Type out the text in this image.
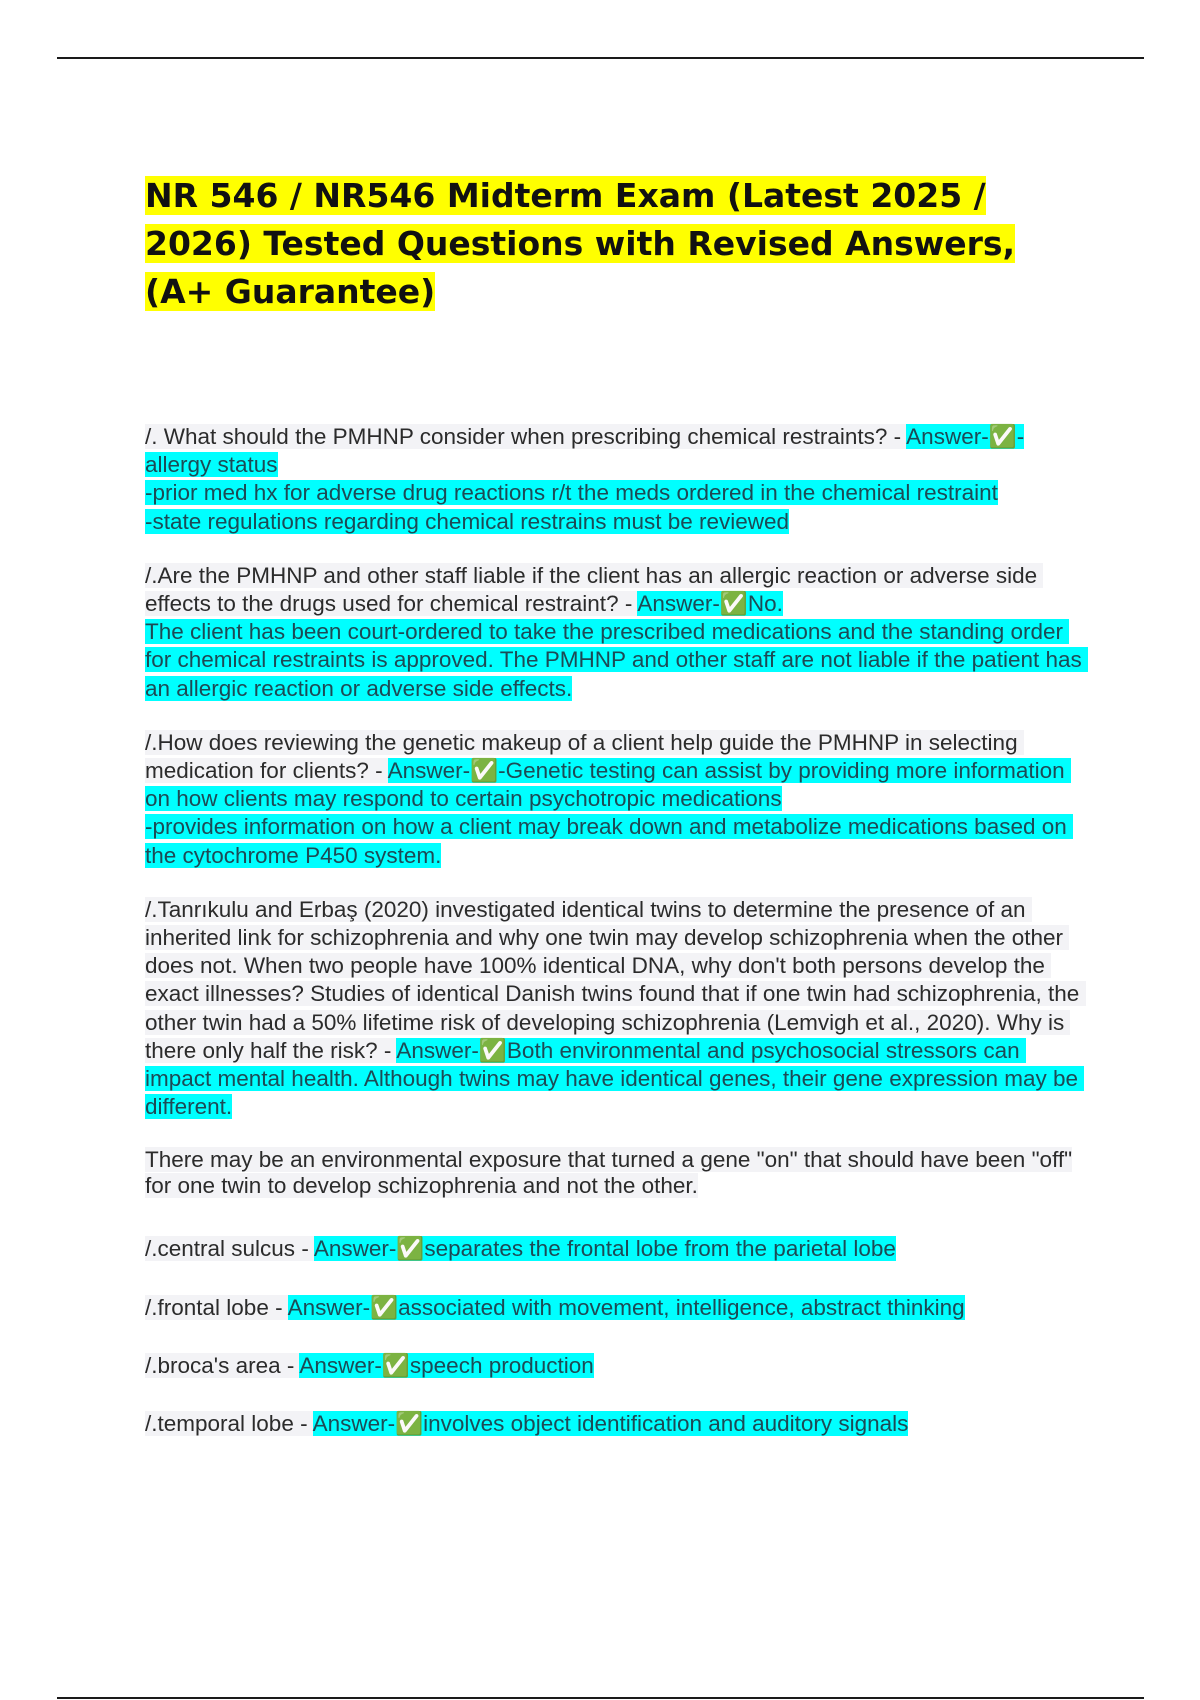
NR 546 / NR546 Midterm Exam (Latest 2025 / 2026) Tested Questions with Revised Answers, (A+ Guarantee)

/. What should the PMHNP consider when prescribing chemical restraints? - Answer-✅-allergy status
-prior med hx for adverse drug reactions r/t the meds ordered in the chemical restraint
-state regulations regarding chemical restrains must be reviewed

/.Are the PMHNP and other staff liable if the client has an allergic reaction or adverse side effects to the drugs used for chemical restraint? - Answer-✅No.
The client has been court-ordered to take the prescribed medications and the standing order for chemical restraints is approved. The PMHNP and other staff are not liable if the patient has an allergic reaction or adverse side effects.

/.How does reviewing the genetic makeup of a client help guide the PMHNP in selecting medication for clients? - Answer-✅-Genetic testing can assist by providing more information on how clients may respond to certain psychotropic medications
-provides information on how a client may break down and metabolize medications based on the cytochrome P450 system.

/.Tanrıkulu and Erbaş (2020) investigated identical twins to determine the presence of an inherited link for schizophrenia and why one twin may develop schizophrenia when the other does not. When two people have 100% identical DNA, why don't both persons develop the exact illnesses? Studies of identical Danish twins found that if one twin had schizophrenia, the other twin had a 50% lifetime risk of developing schizophrenia (Lemvigh et al., 2020). Why is there only half the risk? - Answer-✅Both environmental and psychosocial stressors can impact mental health. Although twins may have identical genes, their gene expression may be different.

There may be an environmental exposure that turned a gene "on" that should have been "off" for one twin to develop schizophrenia and not the other.

/.central sulcus - Answer-✅separates the frontal lobe from the parietal lobe

/.frontal lobe - Answer-✅associated with movement, intelligence, abstract thinking

/.broca's area - Answer-✅speech production

/.temporal lobe - Answer-✅involves object identification and auditory signals
